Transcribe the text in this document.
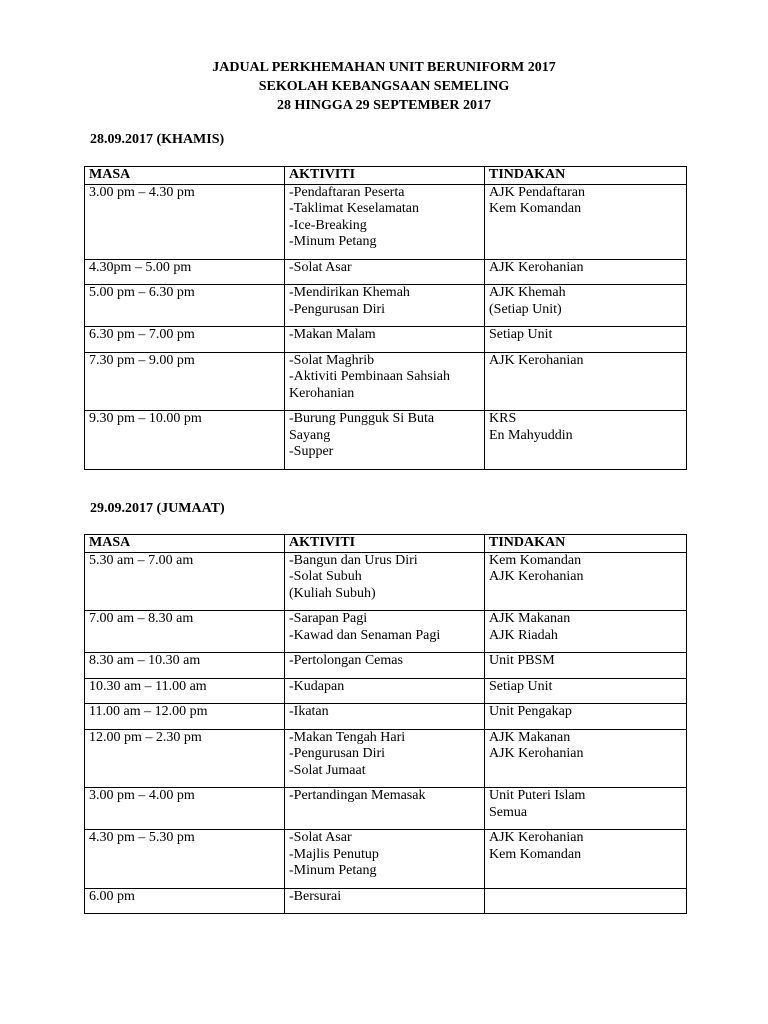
JADUAL PERKHEMAHAN UNIT BERUNIFORM 2017
SEKOLAH KEBANGSAAN SEMELING
28 HINGGA 29 SEPTEMBER 2017
28.09.2017 (KHAMIS)
MASA	AKTIVITI	TINDAKAN

3.00 pm – 4.30 pm	-Pendaftaran Peserta
-Taklimat Keselamatan
-Ice-Breaking
-Minum Petang	AJK Pendaftaran
Kem Komandan

4.30pm – 5.00 pm	-Solat Asar	AJK Kerohanian

5.00 pm – 6.30 pm	-Mendirikan Khemah
-Pengurusan Diri	AJK Khemah
(Setiap Unit)

6.30 pm – 7.00 pm	-Makan Malam	Setiap Unit

7.30 pm – 9.00 pm	-Solat Maghrib
-Aktiviti Pembinaan Sahsiah
Kerohanian	AJK Kerohanian

9.30 pm – 10.00 pm	-Burung Pungguk Si Buta
Sayang
-Supper	KRS
En Mahyuddin
29.09.2017 (JUMAAT)
MASA	AKTIVITI	TINDAKAN

5.30 am – 7.00 am	-Bangun dan Urus Diri
-Solat Subuh
(Kuliah Subuh)	Kem Komandan
AJK Kerohanian

7.00 am – 8.30 am	-Sarapan Pagi
-Kawad dan Senaman Pagi	AJK Makanan
AJK Riadah

8.30 am – 10.30 am	-Pertolongan Cemas	Unit PBSM

10.30 am – 11.00 am	-Kudapan	Setiap Unit

11.00 am – 12.00 pm	-Ikatan	Unit Pengakap

12.00 pm – 2.30 pm	-Makan Tengah Hari
-Pengurusan Diri
-Solat Jumaat	AJK Makanan
AJK Kerohanian

3.00 pm – 4.00 pm	-Pertandingan Memasak	Unit Puteri Islam
Semua

4.30 pm – 5.30 pm	-Solat Asar
-Majlis Penutup
-Minum Petang	AJK Kerohanian
Kem Komandan

6.00 pm	-Bersurai	
